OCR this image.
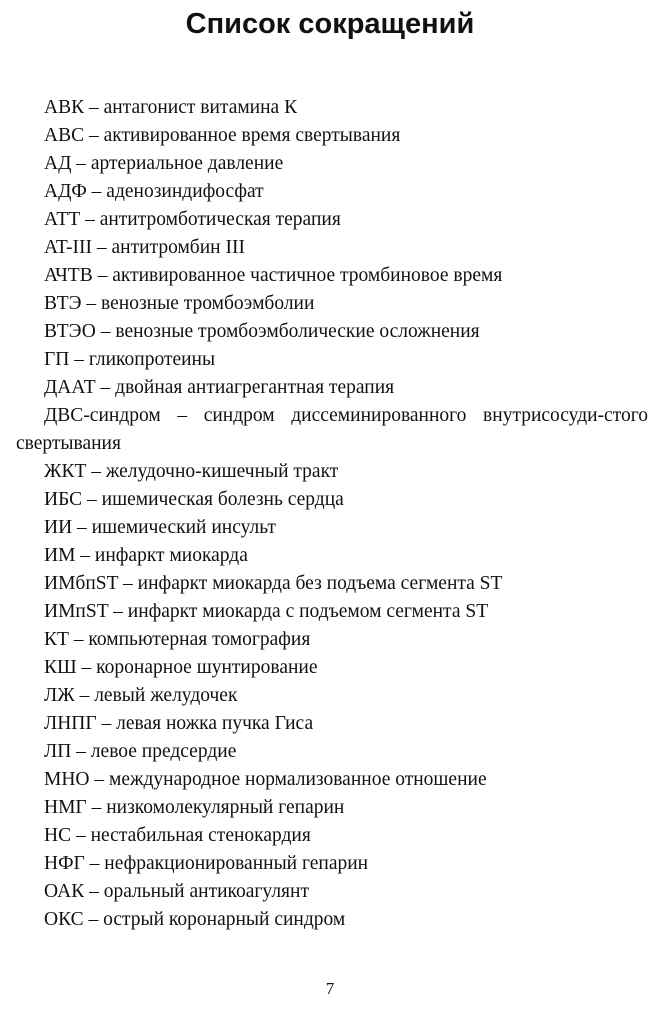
Список сокращений
АВК – антагонист витамина К
АВС – активированное время свертывания
АД – артериальное давление
АДФ – аденозиндифосфат
АТТ – антитромботическая терапия
AT-III – антитромбин III
АЧТВ – активированное частичное тромбиновое время
ВТЭ – венозные тромбоэмболии
ВТЭО – венозные тромбоэмболические осложнения
ГП – гликопротеины
ДААТ – двойная антиагрегантная терапия
ДВС-синдром – синдром диссеминированного внутрисосуди-стого свертывания
ЖКТ – желудочно-кишечный тракт
ИБС – ишемическая болезнь сердца
ИИ – ишемический инсульт
ИМ – инфаркт миокарда
ИМбпST – инфаркт миокарда без подъема сегмента ST
ИМпST – инфаркт миокарда с подъемом сегмента ST
КТ – компьютерная томография
КШ – коронарное шунтирование
ЛЖ – левый желудочек
ЛНПГ – левая ножка пучка Гиса
ЛП – левое предсердие
МНО – международное нормализованное отношение
НМГ – низкомолекулярный гепарин
НС – нестабильная стенокардия
НФГ – нефракционированный гепарин
ОАК – оральный антикоагулянт
ОКС – острый коронарный синдром
7
